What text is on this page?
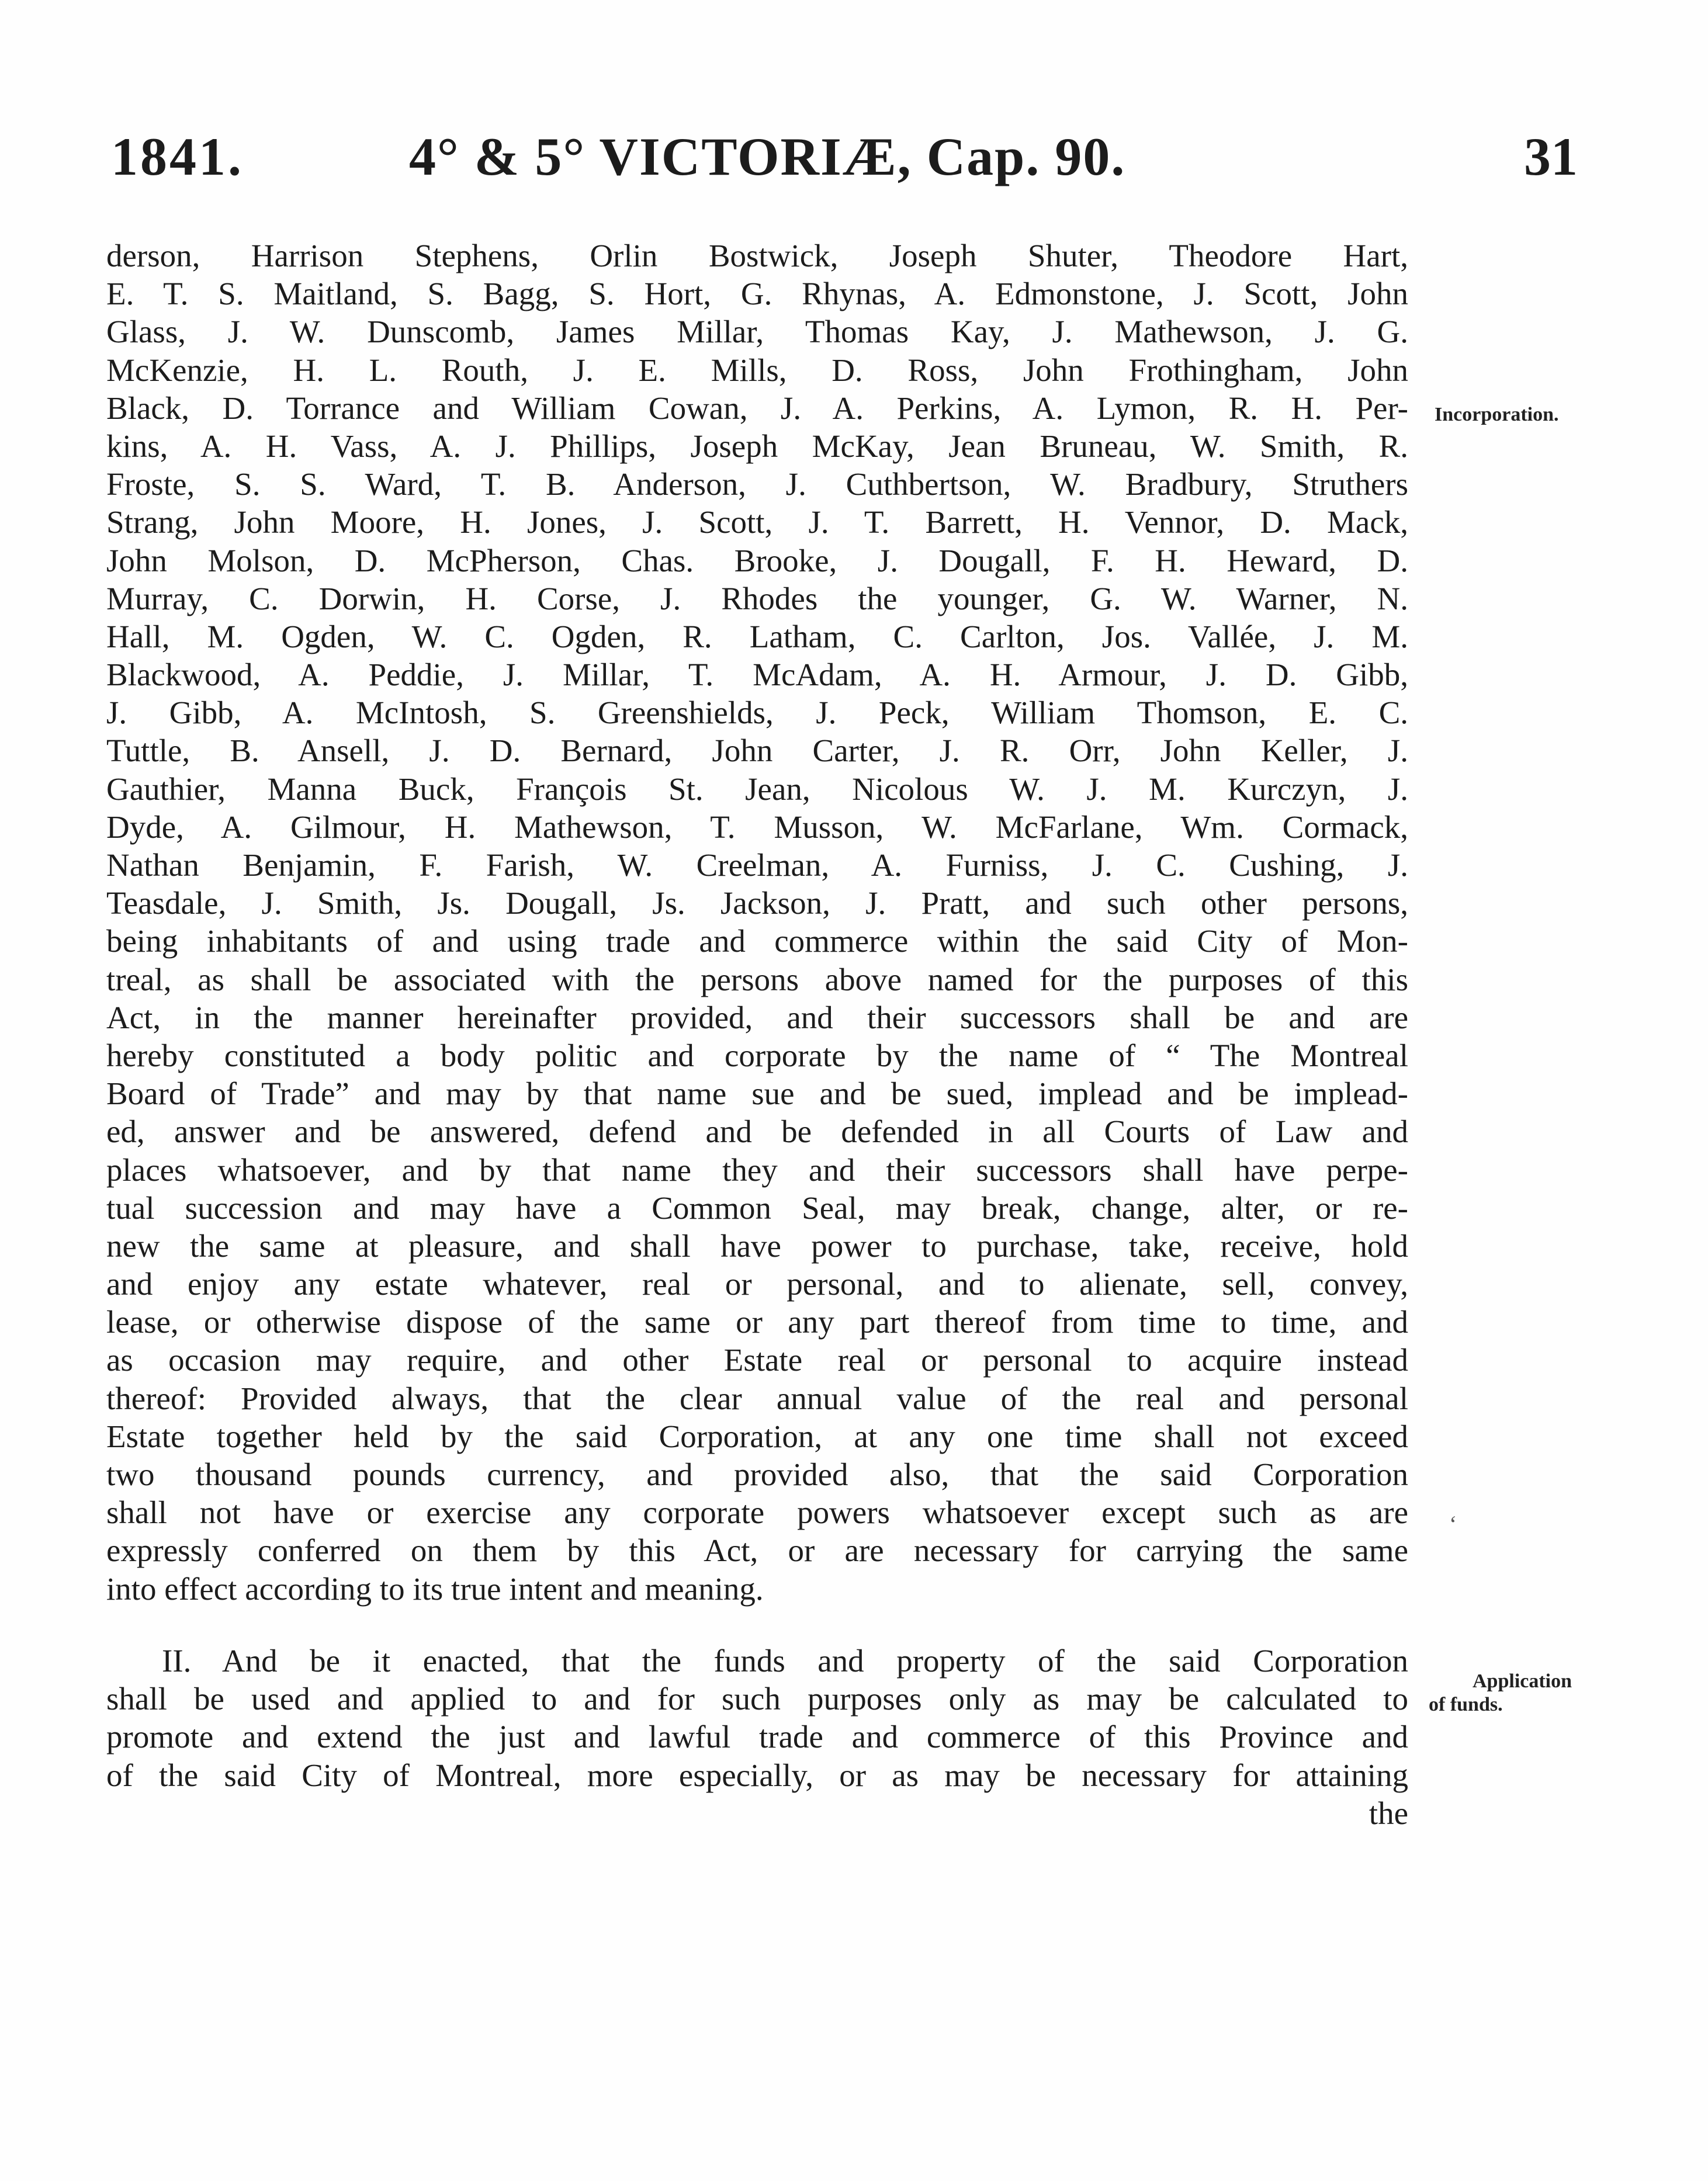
1841.	4° & 5° VICTORIÆ, Cap. 90.	31
Incorporation.
Application
of funds.
‘
derson, Harrison Stephens, Orlin Bostwick, Joseph Shuter, Theodore Hart,
E. T. S. Maitland, S. Bagg, S. Hort, G. Rhynas, A. Edmonstone, J. Scott, John
Glass, J. W. Dunscomb, James Millar, Thomas Kay, J. Mathewson, J. G.
McKenzie, H. L. Routh, J. E. Mills, D. Ross, John Frothingham, John
Black, D. Torrance and William Cowan, J. A. Perkins, A. Lymon, R. H. Per-
kins, A. H. Vass, A. J. Phillips, Joseph McKay, Jean Bruneau, W. Smith, R.
Froste, S. S. Ward, T. B. Anderson, J. Cuthbertson, W. Bradbury, Struthers
Strang, John Moore, H. Jones, J. Scott, J. T. Barrett, H. Vennor, D. Mack,
John Molson, D. McPherson, Chas. Brooke, J. Dougall, F. H. Heward, D.
Murray, C. Dorwin, H. Corse, J. Rhodes the younger, G. W. Warner, N.
Hall, M. Ogden, W. C. Ogden, R. Latham, C. Carlton, Jos. Vallée, J. M.
Blackwood, A. Peddie, J. Millar, T. McAdam, A. H. Armour, J. D. Gibb,
J. Gibb, A. McIntosh, S. Greenshields, J. Peck, William Thomson, E. C.
Tuttle, B. Ansell, J. D. Bernard, John Carter, J. R. Orr, John Keller, J.
Gauthier, Manna Buck, François St. Jean, Nicolous W. J. M. Kurczyn, J.
Dyde, A. Gilmour, H. Mathewson, T. Musson, W. McFarlane, Wm. Cormack,
Nathan Benjamin, F. Farish, W. Creelman, A. Furniss, J. C. Cushing, J.
Teasdale, J. Smith, Js. Dougall, Js. Jackson, J. Pratt, and such other persons,
being inhabitants of and using trade and commerce within the said City of Mon-
treal, as shall be associated with the persons above named for the purposes of this
Act, in the manner hereinafter provided, and their successors shall be and are
hereby constituted a body politic and corporate by the name of “ The Montreal
Board of Trade” and may by that name sue and be sued, implead and be implead-
ed, answer and be answered, defend and be defended in all Courts of Law and
places whatsoever, and by that name they and their successors shall have perpe-
tual succession and may have a Common Seal, may break, change, alter, or re-
new the same at pleasure, and shall have power to purchase, take, receive, hold
and enjoy any estate whatever, real or personal, and to alienate, sell, convey,
lease, or otherwise dispose of the same or any part thereof from time to time, and
as occasion may require, and other Estate real or personal to acquire instead
thereof: Provided always, that the clear annual value of the real and personal
Estate together held by the said Corporation, at any one time shall not exceed
two thousand pounds currency, and provided also, that the said Corporation
shall not have or exercise any corporate powers whatsoever except such as are
expressly conferred on them by this Act, or are necessary for carrying the same
into effect according to its true intent and meaning.
II. And be it enacted, that the funds and property of the said Corporation
shall be used and applied to and for such purposes only as may be calculated to
promote and extend the just and lawful trade and commerce of this Province and
of the said City of Montreal, more especially, or as may be necessary for attaining
the
